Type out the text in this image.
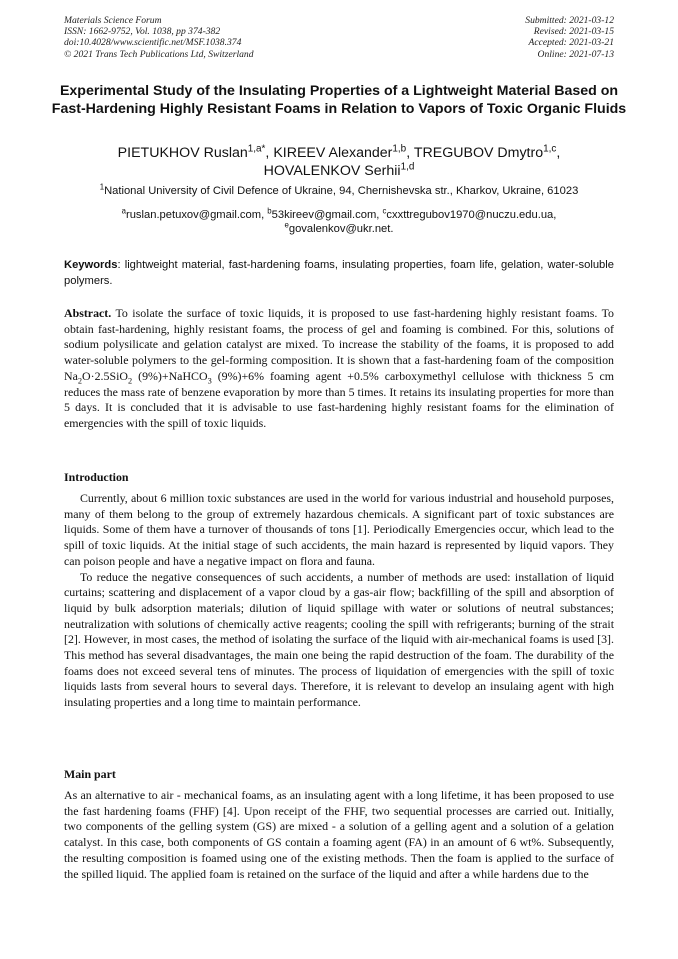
Materials Science Forum
ISSN: 1662-9752, Vol. 1038, pp 374-382
doi:10.4028/www.scientific.net/MSF.1038.374
© 2021 Trans Tech Publications Ltd, Switzerland
Submitted: 2021-03-12
Revised: 2021-03-15
Accepted: 2021-03-21
Online: 2021-07-13
Experimental Study of the Insulating Properties of a Lightweight Material Based on Fast-Hardening Highly Resistant Foams in Relation to Vapors of Toxic Organic Fluids
PIETUKHOV Ruslan$^{1,a*}$, KIREEV Alexander$^{1,b}$, TREGUBOV Dmytro$^{1,c}$,
HOVALENKOV Serhii$^{1,d}$
$^1$National University of Civil Defence of Ukraine, 94, Chernishevska str., Kharkov, Ukraine, 61023
$^a$ruslan.petuxov@gmail.com, $^b$53kireev@gmail.com, $^c$cxxttregubov1970@nuczu.edu.ua,
$^e$govalenkov@ukr.net.
Keywords: lightweight material, fast-hardening foams, insulating properties, foam life, gelation, water-soluble polymers.
Abstract. To isolate the surface of toxic liquids, it is proposed to use fast-hardening highly resistant foams. To obtain fast-hardening, highly resistant foams, the process of gel and foaming is combined. For this, solutions of sodium polysilicate and gelation catalyst are mixed. To increase the stability of the foams, it is proposed to add water-soluble polymers to the gel-forming composition. It is shown that a fast-hardening foam of the composition $Na_2O\cdot 2.5SiO_2$ (9%)+NaHCO$_3$ (9%)+6% foaming agent +0.5% carboxymethyl cellulose with thickness 5 cm reduces the mass rate of benzene evaporation by more than 5 times. It retains its insulating properties for more than 5 days. It is concluded that it is advisable to use fast-hardening highly resistant foams for the elimination of emergencies with the spill of toxic liquids.
Introduction

Currently, about 6 million toxic substances are used in the world for various industrial and household purposes, many of them belong to the group of extremely hazardous chemicals. A significant part of toxic substances are liquids. Some of them have a turnover of thousands of tons [1]. Periodically Emergencies occur, which lead to the spill of toxic liquids. At the initial stage of such accidents, the main hazard is represented by liquid vapors. They can poison people and have a negative impact on flora and fauna.

To reduce the negative consequences of such accidents, a number of methods are used: installation of liquid curtains; scattering and displacement of a vapor cloud by a gas-air flow; backfilling of the spill and absorption of liquid by bulk adsorption materials; dilution of liquid spillage with water or solutions of neutral substances; neutralization with solutions of chemically active reagents; cooling the spill with refrigerants; burning of the strait [2]. However, in most cases, the method of isolating the surface of the liquid with air-mechanical foams is used [3]. This method has several disadvantages, the main one being the rapid destruction of the foam. The durability of the foams does not exceed several tens of minutes. The process of liquidation of emergencies with the spill of toxic liquids lasts from several hours to several days. Therefore, it is relevant to develop an insulaing agent with high insulating properties and a long time to maintain performance.

Main part

As an alternative to air - mechanical foams, as an insulating agent with a long lifetime, it has been proposed to use the fast hardening foams (FHF) [4]. Upon receipt of the FHF, two sequential processes are carried out. Initially, two components of the gelling system (GS) are mixed - a solution of a gelling agent and a solution of a gelation catalyst. In this case, both components of GS contain a foaming agent (FA) in an amount of 6 wt%. Subsequently, the resulting composition is foamed using one of the existing methods. Then the foam is applied to the surface of the spilled liquid. The applied foam is retained on the surface of the liquid and after a while hardens due to the
